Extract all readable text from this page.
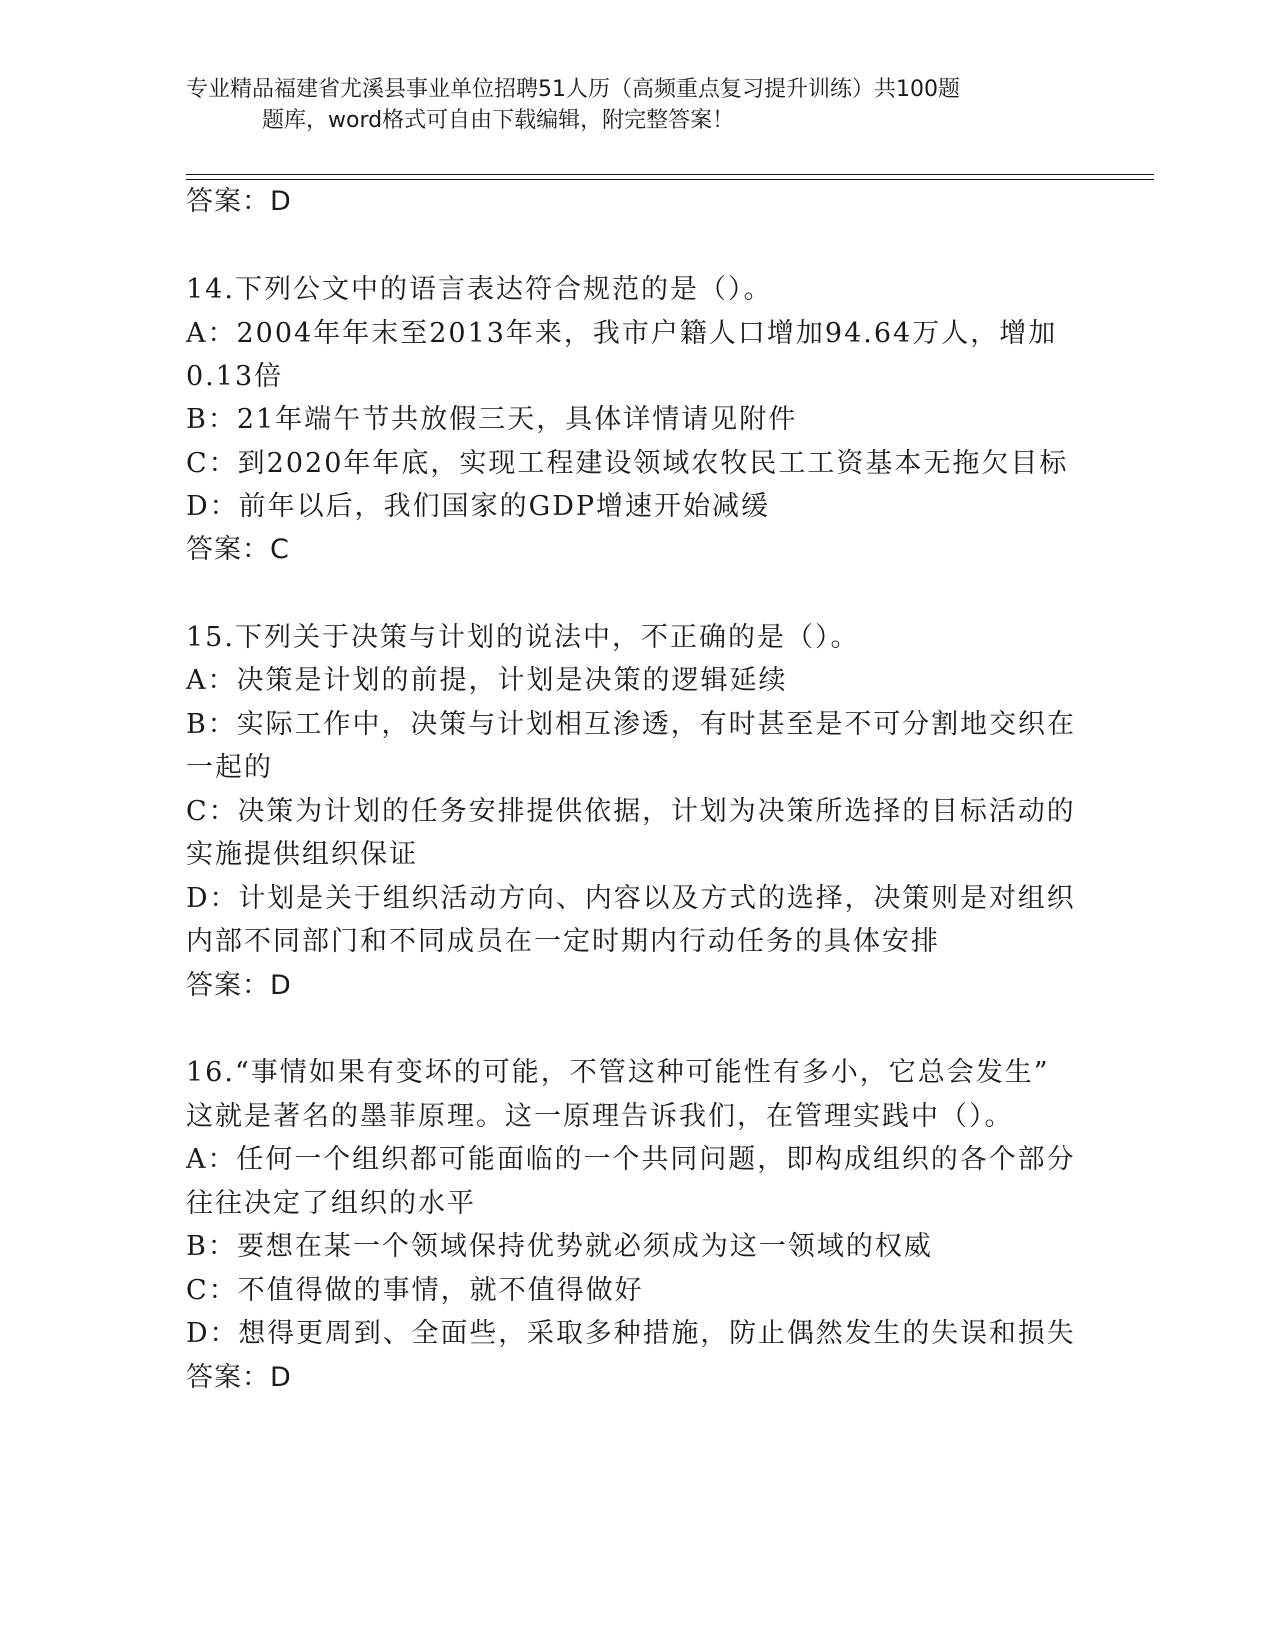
专业精品福建省尤溪县事业单位招聘51人历（高频重点复习提升训练）共100题

题库，word格式可自由下载编辑，附完整答案！

答案：D
14.下列公文中的语言表达符合规范的是（）。
A：2004年年末至2013年来，我市户籍人口增加94.64万人，增加
0.13倍
B：21年端午节共放假三天，具体详情请见附件
C：到2020年年底，实现工程建设领域农牧民工工资基本无拖欠目标
D：前年以后，我们国家的GDP增速开始减缓
答案：C
15.下列关于决策与计划的说法中，不正确的是（）。
A：决策是计划的前提，计划是决策的逻辑延续
B：实际工作中，决策与计划相互渗透，有时甚至是不可分割地交织在
一起的
C：决策为计划的任务安排提供依据，计划为决策所选择的目标活动的
实施提供组织保证
D：计划是关于组织活动方向、内容以及方式的选择，决策则是对组织
内部不同部门和不同成员在一定时期内行动任务的具体安排
答案：D
16.“事情如果有变坏的可能，不管这种可能性有多小，它总会发生”
这就是著名的墨菲原理。这一原理告诉我们，在管理实践中（）。
A：任何一个组织都可能面临的一个共同问题，即构成组织的各个部分
往往决定了组织的水平
B：要想在某一个领域保持优势就必须成为这一领域的权威
C：不值得做的事情，就不值得做好
D：想得更周到、全面些，采取多种措施，防止偶然发生的失误和损失
答案：D
